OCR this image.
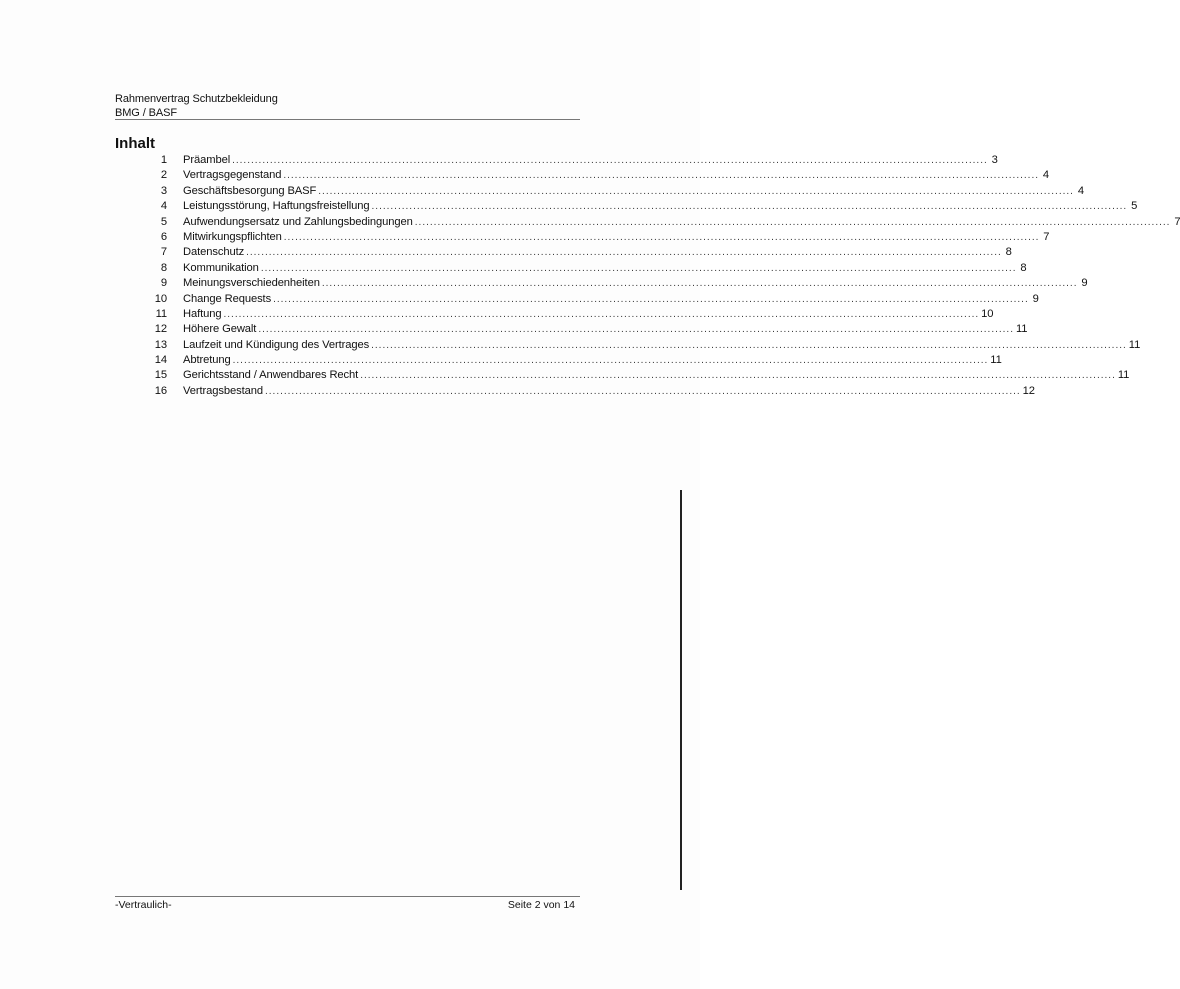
Rahmenvertrag Schutzbekleidung
BMG / BASF
Inhalt
1 Präambel ........................................................................................................................................................................................................ 3
2 Vertragsgegenstand ........................................................................................................................................................................................................ 4
3 Geschäftsbesorgung BASF ........................................................................................................................................................................................................ 4
4 Leistungsstörung, Haftungsfreistellung ........................................................................................................................................................................................................ 5
5 Aufwendungsersatz und Zahlungsbedingungen ........................................................................................................................................................................................................ 7
6 Mitwirkungspflichten ........................................................................................................................................................................................................ 7
7 Datenschutz ........................................................................................................................................................................................................ 8
8 Kommunikation ........................................................................................................................................................................................................ 8
9 Meinungsverschiedenheiten ........................................................................................................................................................................................................ 9
10 Change Requests ........................................................................................................................................................................................................ 9
11 Haftung ........................................................................................................................................................................................................ 10
12 Höhere Gewalt ........................................................................................................................................................................................................ 11
13 Laufzeit und Kündigung des Vertrages ........................................................................................................................................................................................................ 11
14 Abtretung ........................................................................................................................................................................................................ 11
15 Gerichtsstand / Anwendbares Recht ........................................................................................................................................................................................................ 11
16 Vertragsbestand ........................................................................................................................................................................................................ 12
-Vertraulich-	Seite 2 von 14
